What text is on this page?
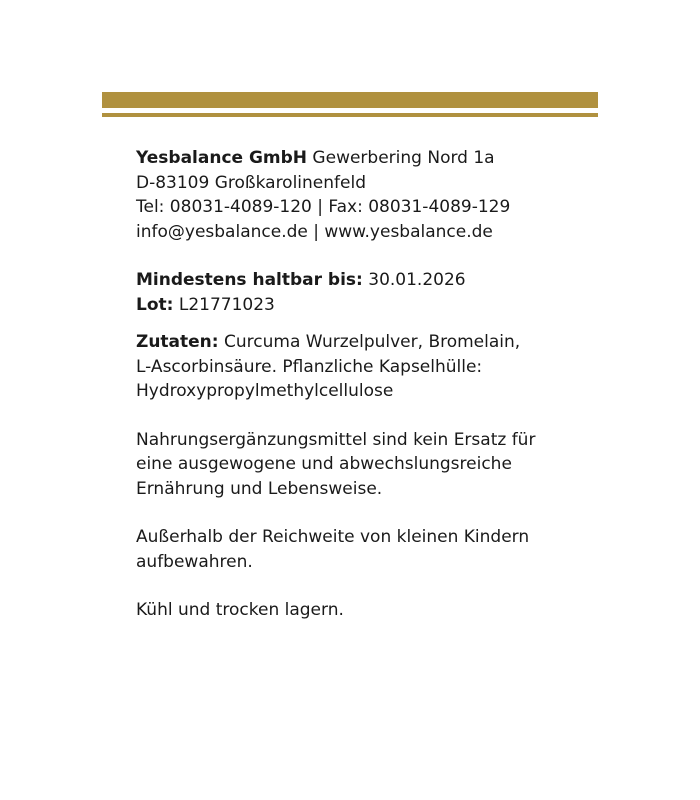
Yesbalance GmbH Gewerbering Nord 1a
D-83109 Großkarolinenfeld
Tel: 08031-4089-120 | Fax: 08031-4089-129
info@yesbalance.de | www.yesbalance.de
Mindestens haltbar bis: 30.01.2026
Lot: L21771023
Zutaten: Curcuma Wurzelpulver, Bromelain,
L-Ascorbinsäure. Pflanzliche Kapselhülle:
Hydroxypropylmethylcellulose
Nahrungsergänzungsmittel sind kein Ersatz für
eine ausgewogene und abwechslungsreiche
Ernährung und Lebensweise.
Außerhalb der Reichweite von kleinen Kindern
aufbewahren.
Kühl und trocken lagern.
